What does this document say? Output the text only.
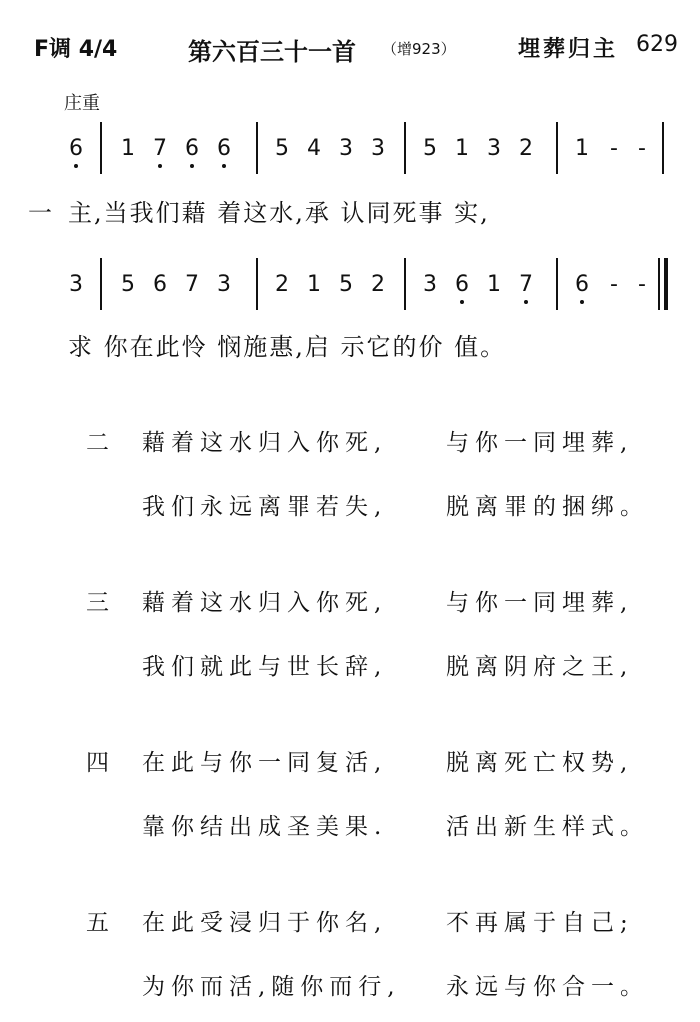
F调 4/4	第六百三十一首 （增923）	埋葬归主 629
庄重
6 1 7 6 6 5 4 3 3 5 1 3 2 1 - -
一 主,当我们藉 着这水,承 认同死事 实,
3 5 6 7 3 2 1 5 2 3 6 1 7 6 - -
求 你在此怜 悯施惠,启 示它的价 值。
二 藉着这水归入你死,	与你一同埋葬,
我们永远离罪若失,	脱离罪的捆绑。
三 藉着这水归入你死,	与你一同埋葬,
我们就此与世长辞,	脱离阴府之王,
四 在此与你一同复活,	脱离死亡权势,
靠你结出成圣美果.	活出新生样式。
五 在此受浸归于你名,	不再属于自己;
为你而活,随你而行, 永远与你合一。
